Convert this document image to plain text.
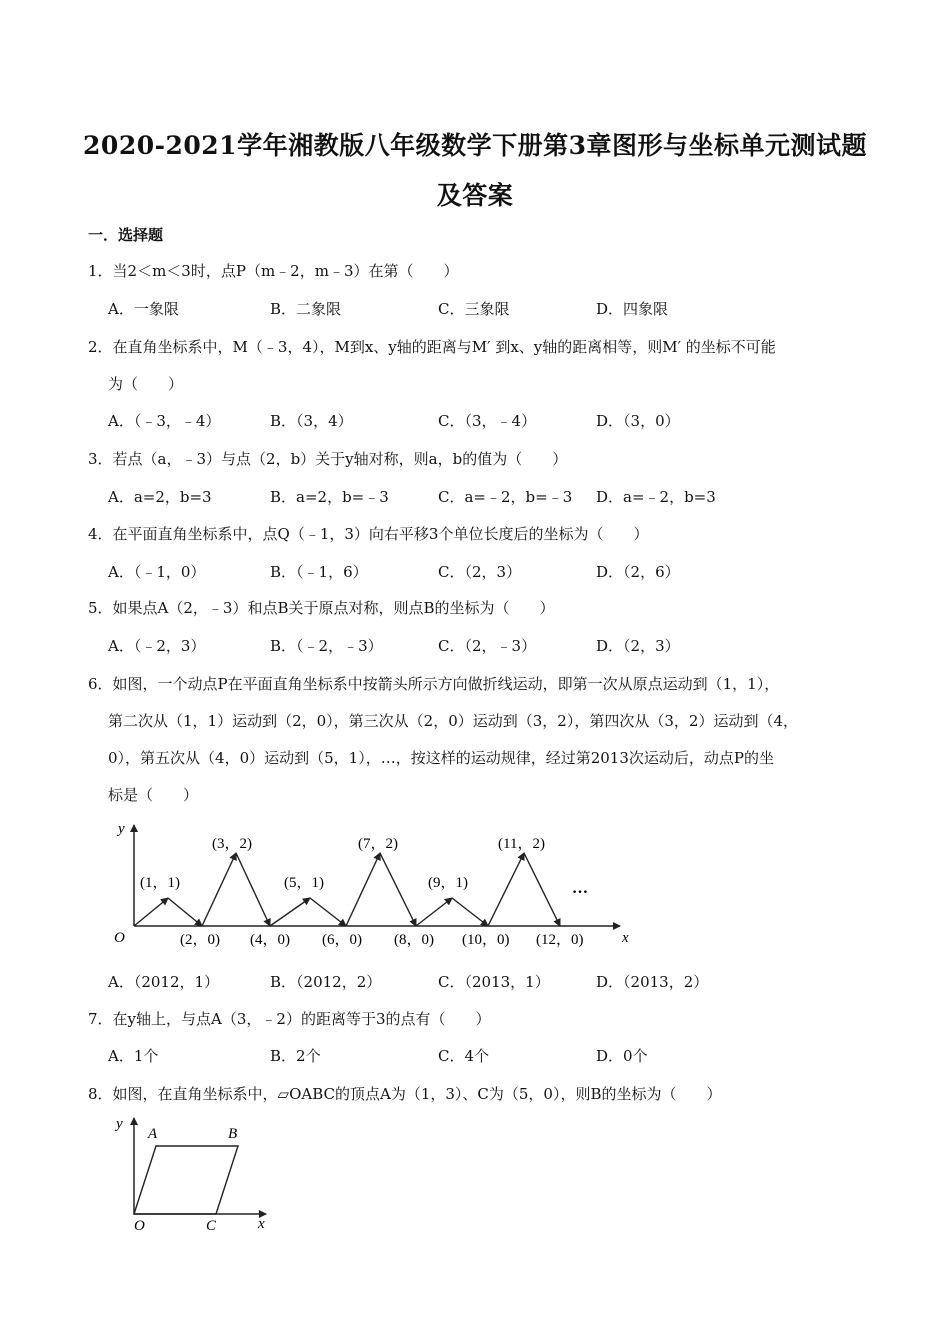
2020-2021学年湘教版八年级数学下册第3章图形与坐标单元测试题
及答案
一．选择题
1．当2＜m＜3时，点P（m﹣2，m﹣3）在第（　　）
A．一象限	B．二象限	C．三象限	D．四象限
2．在直角坐标系中，M（﹣3，4），M到x、y轴的距离与M′ 到x、y轴的距离相等，则M′ 的坐标不可能
为（　　）
A．（﹣3，﹣4）	B．（3，4）	C．（3，﹣4）	D．（3，0）
3．若点（a，﹣3）与点（2，b）关于y轴对称，则a，b的值为（　　）
A．a=2，b=3	B．a=2，b=﹣3	C．a=﹣2，b=﹣3 D．a=﹣2，b=3
4．在平面直角坐标系中，点Q（﹣1，3）向右平移3个单位长度后的坐标为（　　）
A．（﹣1，0）	B．（﹣1，6）	C．（2，3）	D．（2，6）
5．如果点A（2，﹣3）和点B关于原点对称，则点B的坐标为（　　）
A．（﹣2，3）	B．（﹣2，﹣3）	C．（2，﹣3）	D．（2，3）
6．如图，一个动点P在平面直角坐标系中按箭头所示方向做折线运动，即第一次从原点运动到（1，1），
第二次从（1，1）运动到（2，0），第三次从（2，0）运动到（3，2），第四次从（3，2）运动到（4，
0），第五次从（4，0）运动到（5，1），…，按这样的运动规律，经过第2013次运动后，动点P的坐
标是（　　）
x
y
O
(1，1)
(3，2)
(5，1)
(7，2)
(9，1)
(11，2)
…
(2，0) (4，0) (6，0) (8，0) (10，0) (12，0)
A．（2012，1）	B．（2012，2）	C．（2013，1）	D．（2013，2）
7．在y轴上，与点A（3，﹣2）的距离等于3的点有（　　）
A．1个	B．2个	C．4个	D．0个
8．如图，在直角坐标系中，▱OABC的顶点A为（1，3）、C为（5，0），则B的坐标为（　　）
x
y
A	B
O	C
